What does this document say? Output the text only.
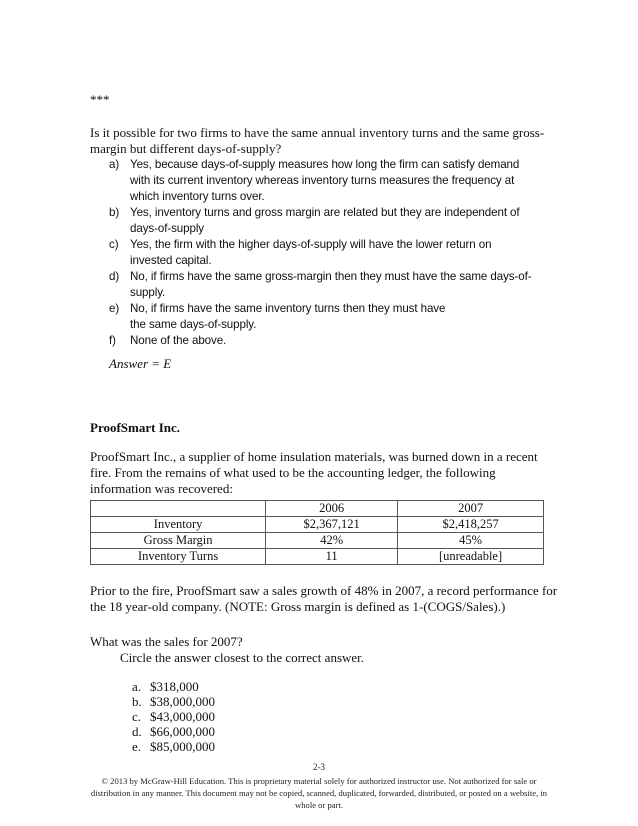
***
Is it possible for two firms to have the same annual inventory turns and the same gross-
margin but different days-of-supply?
a) Yes, because days-of-supply measures how long the firm can satisfy demand
with its current inventory whereas inventory turns measures the frequency at
which inventory turns over.
b) Yes, inventory turns and gross margin are related but they are independent of
days-of-supply
c) Yes, the firm with the higher days-of-supply will have the lower return on
invested capital.
d) No, if firms have the same gross-margin then they must have the same days-of-
supply.
e) No, if firms have the same inventory turns then they must have
the same days-of-supply.
f) None of the above.
Answer = E
ProofSmart Inc.
ProofSmart Inc., a supplier of home insulation materials, was burned down in a recent
fire. From the remains of what used to be the accounting ledger, the following
information was recovered:
	2006	2007
Inventory	$2,367,121	$2,418,257
Gross Margin	42%	45%
Inventory Turns	11	[unreadable]
Prior to the fire, ProofSmart saw a sales growth of 48% in 2007, a record performance for
the 18 year-old company. (NOTE: Gross margin is defined as 1-(COGS/Sales).)
What was the sales for 2007?
Circle the answer closest to the correct answer.
a. $318,000
b. $38,000,000
c. $43,000,000
d. $66,000,000
e. $85,000,000
2-3
© 2013 by McGraw-Hill Education. This is proprietary material solely for authorized instructor use. Not authorized for sale or
distribution in any manner. This document may not be copied, scanned, duplicated, forwarded, distributed, or posted on a website, in
whole or part.
